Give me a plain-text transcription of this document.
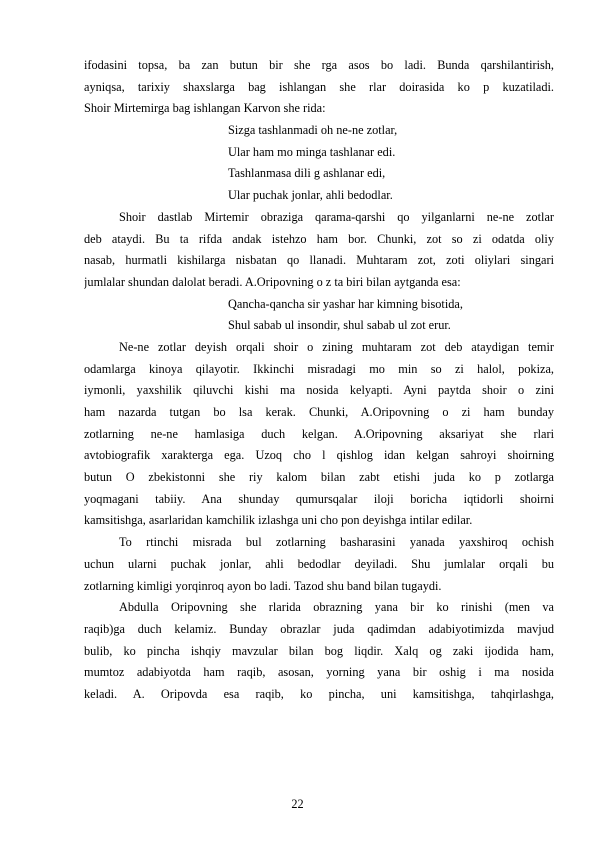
ifodasini topsa, ba zan butun bir she rga asos bo ladi. Bunda qarshilantirish,
ayniqsa, tarixiy shaxslarga bag ishlangan she rlar doirasida ko p kuzatiladi.
Shoir Mirtemirga bag ishlangan Karvon she rida:
Sizga tashlanmadi oh ne-ne zotlar,
Ular ham mo minga tashlanar edi.
Tashlanmasa dili g ashlanar edi,
Ular puchak jonlar, ahli bedodlar.
Shoir dastlab Mirtemir obraziga qarama-qarshi qo yilganlarni ne-ne zotlar
deb ataydi. Bu ta rifda andak istehzo ham bor. Chunki, zot so zi odatda oliy
nasab, hurmatli kishilarga nisbatan qo llanadi. Muhtaram zot, zoti oliylari singari
jumlalar shundan dalolat beradi. A.Oripovning o z ta biri bilan aytganda esa:
Qancha-qancha sir yashar har kimning bisotida,
Shul sabab ul insondir, shul sabab ul zot erur.
Ne-ne zotlar deyish orqali shoir o zining muhtaram zot deb ataydigan temir
odamlarga kinoya qilayotir. Ikkinchi misradagi mo min so zi halol, pokiza,
iymonli, yaxshilik qiluvchi kishi ma nosida kelyapti. Ayni paytda shoir o zini
ham nazarda tutgan bo lsa kerak. Chunki, A.Oripovning o zi ham bunday
zotlarning ne-ne hamlasiga duch kelgan. A.Oripovning aksariyat she rlari
avtobiografik xarakterga ega. Uzoq cho l qishlog idan kelgan sahroyi shoirning
butun O zbekistonni she riy kalom bilan zabt etishi juda ko p zotlarga
yoqmagani tabiiy. Ana shunday qumursqalar iloji boricha iqtidorli shoirni
kamsitishga, asarlaridan kamchilik izlashga uni cho pon deyishga intilar edilar.
To rtinchi misrada bul zotlarning basharasini yanada yaxshiroq ochish
uchun ularni puchak jonlar, ahli bedodlar deyiladi. Shu jumlalar orqali bu
zotlarning kimligi yorqinroq ayon bo ladi. Tazod shu band bilan tugaydi.
Abdulla Oripovning she rlarida obrazning yana bir ko rinishi (men va
raqib)ga duch kelamiz. Bunday obrazlar juda qadimdan adabiyotimizda mavjud
bulib, ko pincha ishqiy mavzular bilan bog liqdir. Xalq og zaki ijodida ham,
mumtoz adabiyotda ham raqib, asosan, yorning yana bir oshig i ma nosida
keladi. A. Oripovda esa raqib, ko pincha, uni kamsitishga, tahqirlashga,
22
